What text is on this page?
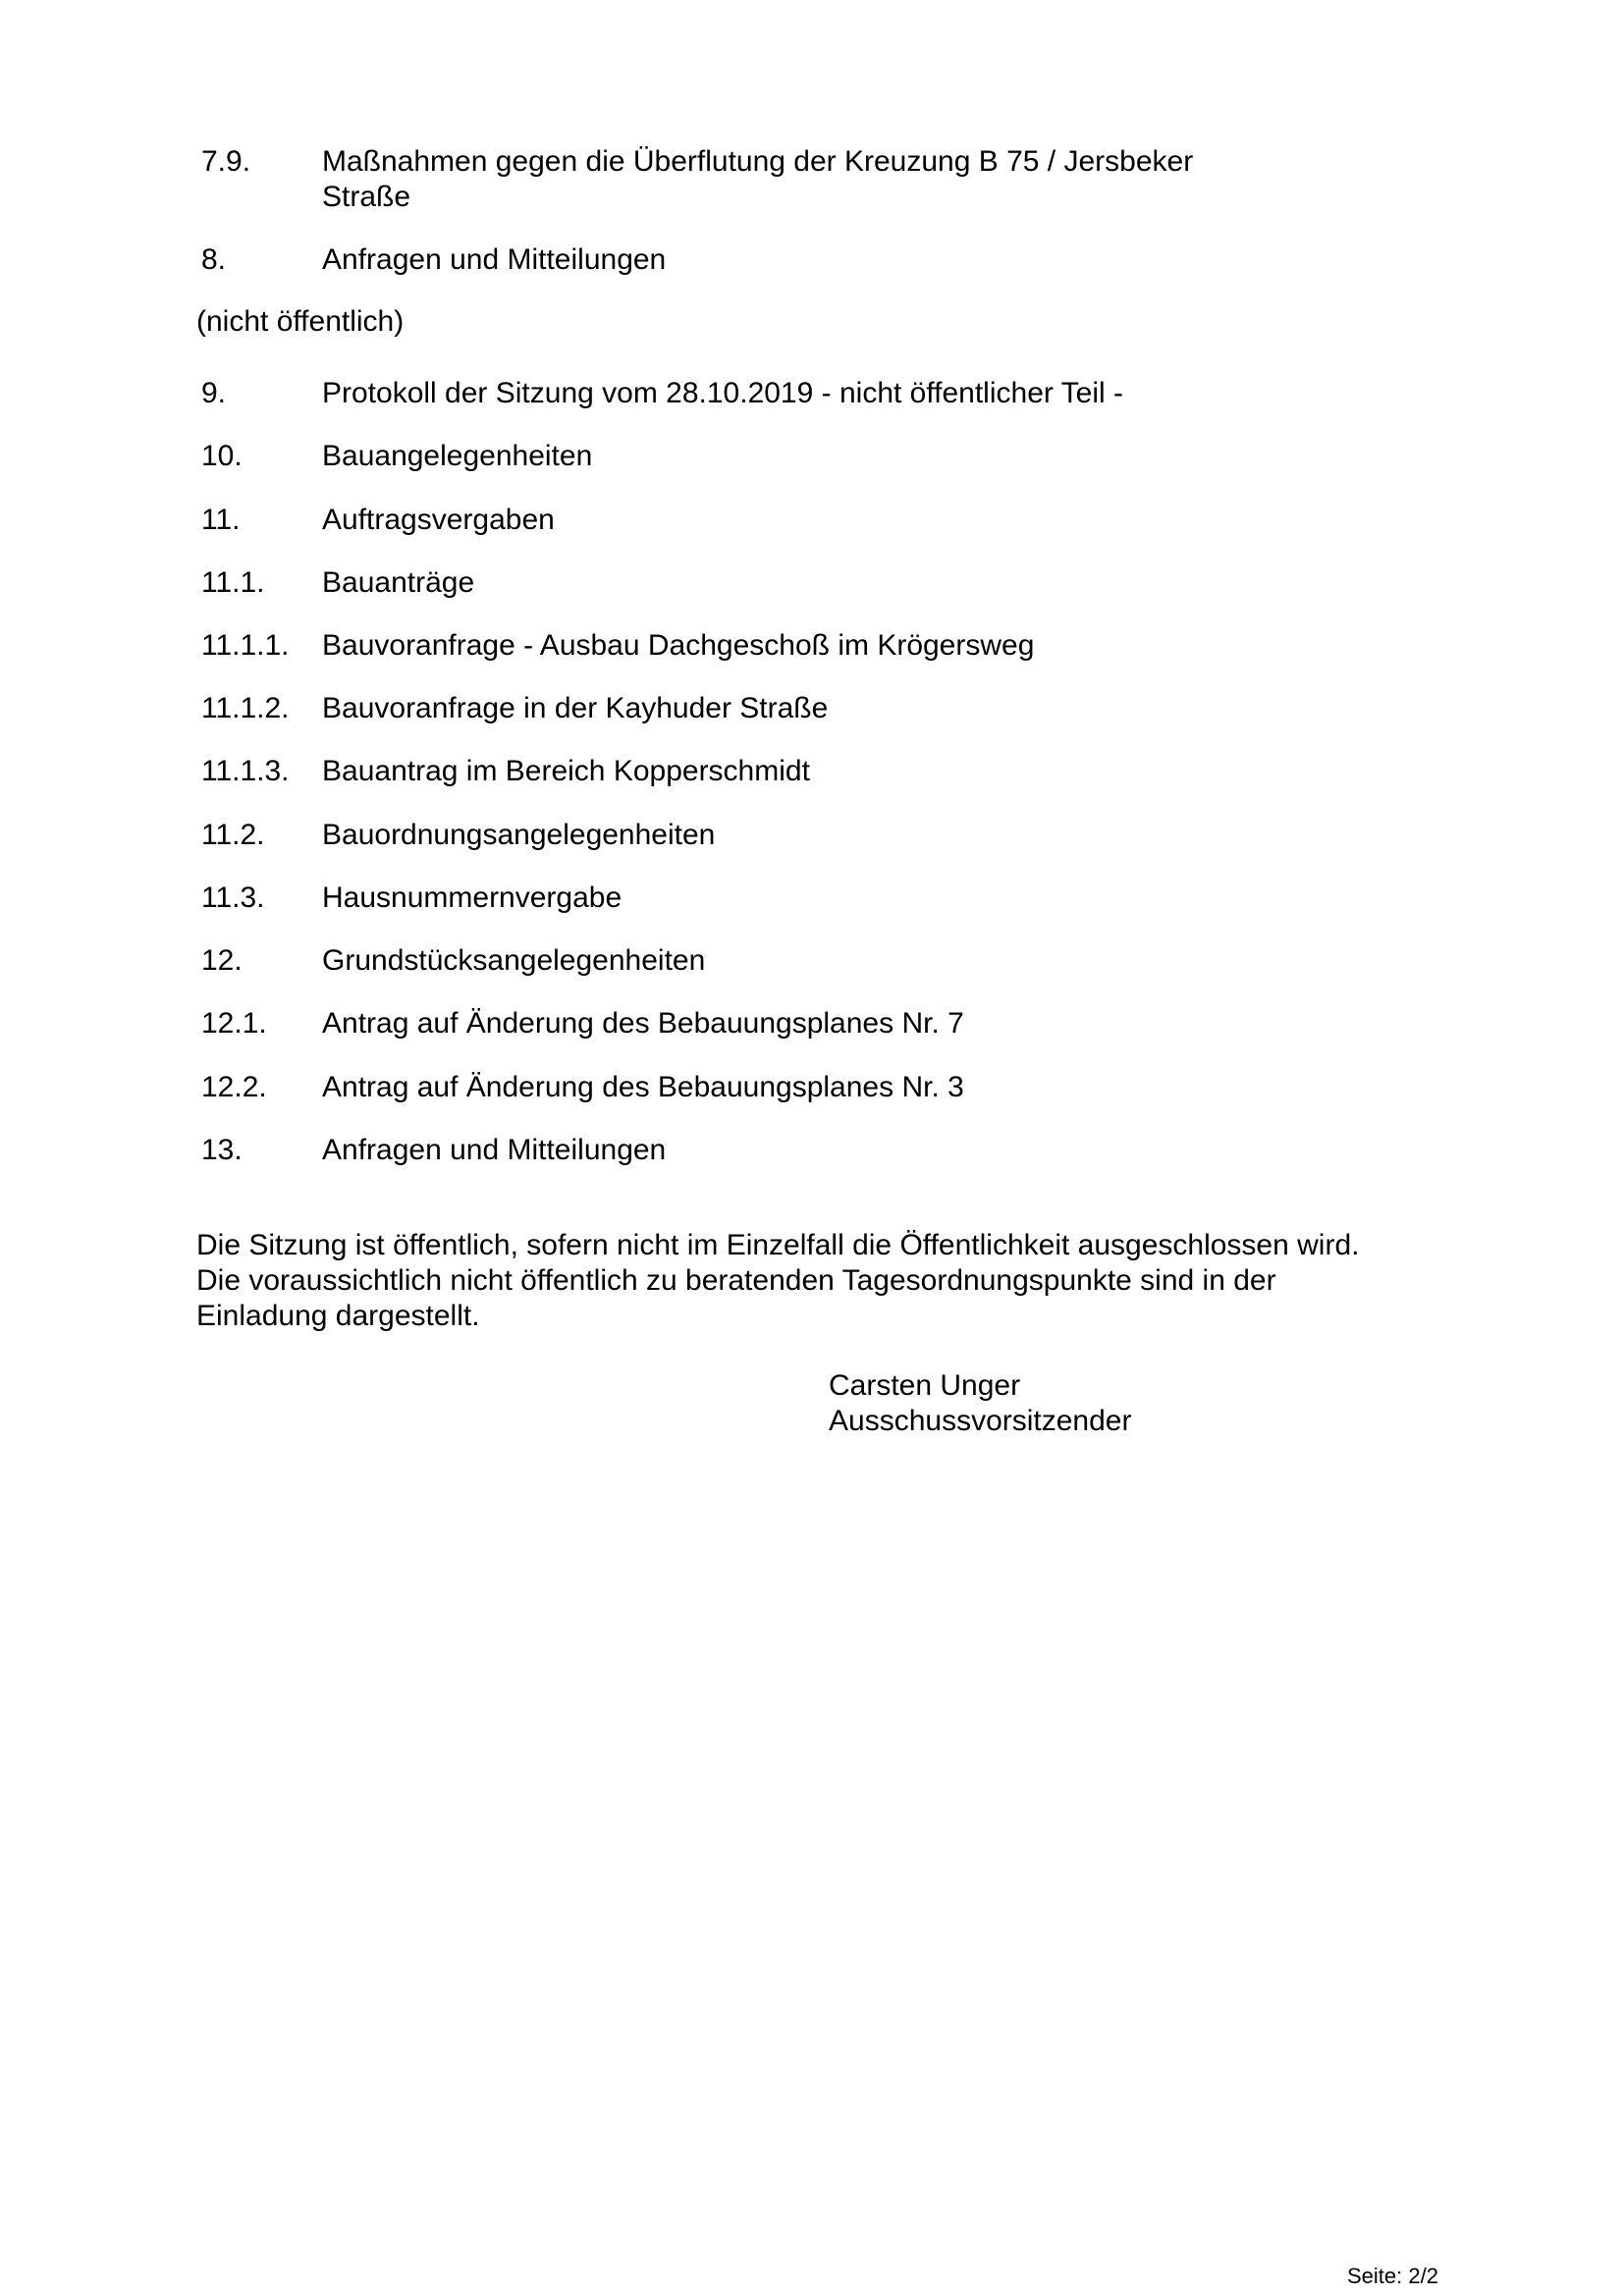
7.9.	Maßnahmen gegen die Überflutung der Kreuzung B 75 / Jersbeker
Straße
8.	Anfragen und Mitteilungen
(nicht öffentlich)
9.	Protokoll der Sitzung vom 28.10.2019 - nicht öffentlicher Teil -
10.	Bauangelegenheiten
11.	Auftragsvergaben
11.1.	Bauanträge
11.1.1.	Bauvoranfrage - Ausbau Dachgeschoß im Krögersweg
11.1.2.	Bauvoranfrage in der Kayhuder Straße
11.1.3.	Bauantrag im Bereich Kopperschmidt
11.2.	Bauordnungsangelegenheiten
11.3.	Hausnummernvergabe
12.	Grundstücksangelegenheiten
12.1.	Antrag auf Änderung des Bebauungsplanes Nr. 7
12.2.	Antrag auf Änderung des Bebauungsplanes Nr. 3
13.	Anfragen und Mitteilungen

Die Sitzung ist öffentlich, sofern nicht im Einzelfall die Öffentlichkeit ausgeschlossen wird.

Die voraussichtlich nicht öffentlich zu beratenden Tagesordnungspunkte sind in der

Einladung dargestellt.

Carsten Unger
Ausschussvorsitzender
Seite: 2/2
